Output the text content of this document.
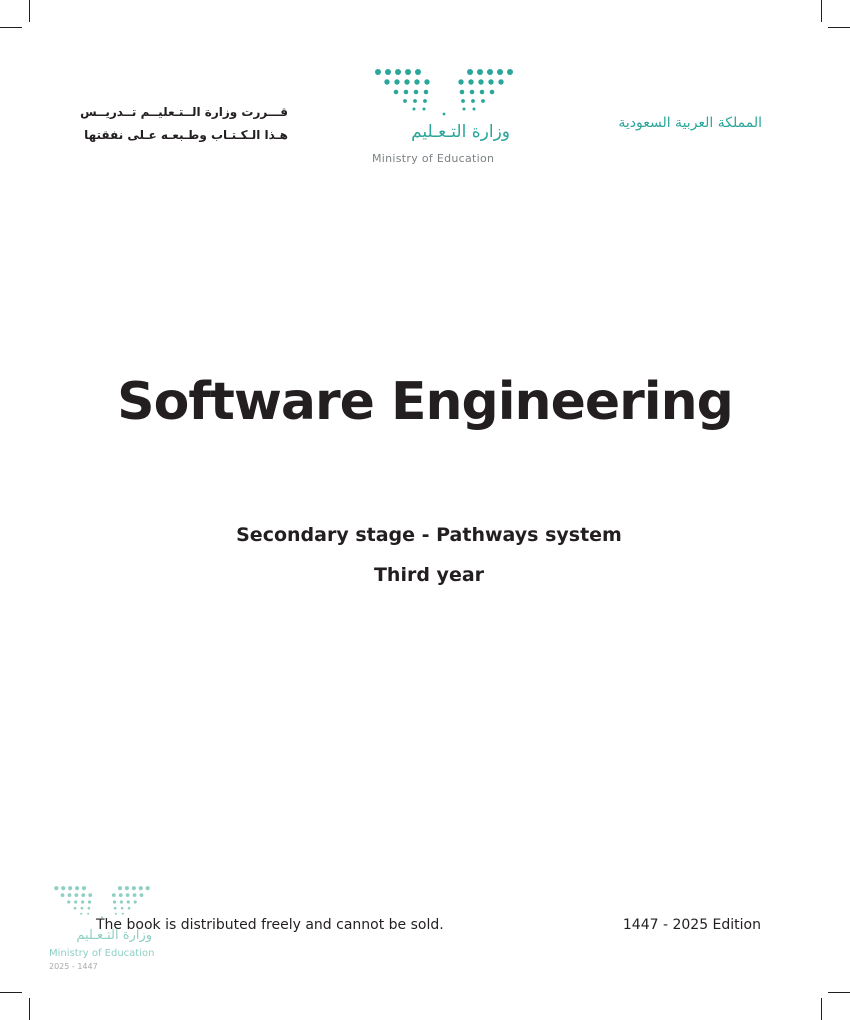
قـــررت وزارة الــتـعليــم تــدريــس
هـذا الـكـتـاب وطـبعـه عـلى نفقتها	وزارة التـعـليم
Ministry of Education
المملكة العربية السعودية
Software Engineering
Secondary stage - Pathways system
Third year
وزارة التـعـليم
Ministry of Education
2025 - 1447
The book is distributed freely and cannot be sold.	1447 - 2025 Edition
